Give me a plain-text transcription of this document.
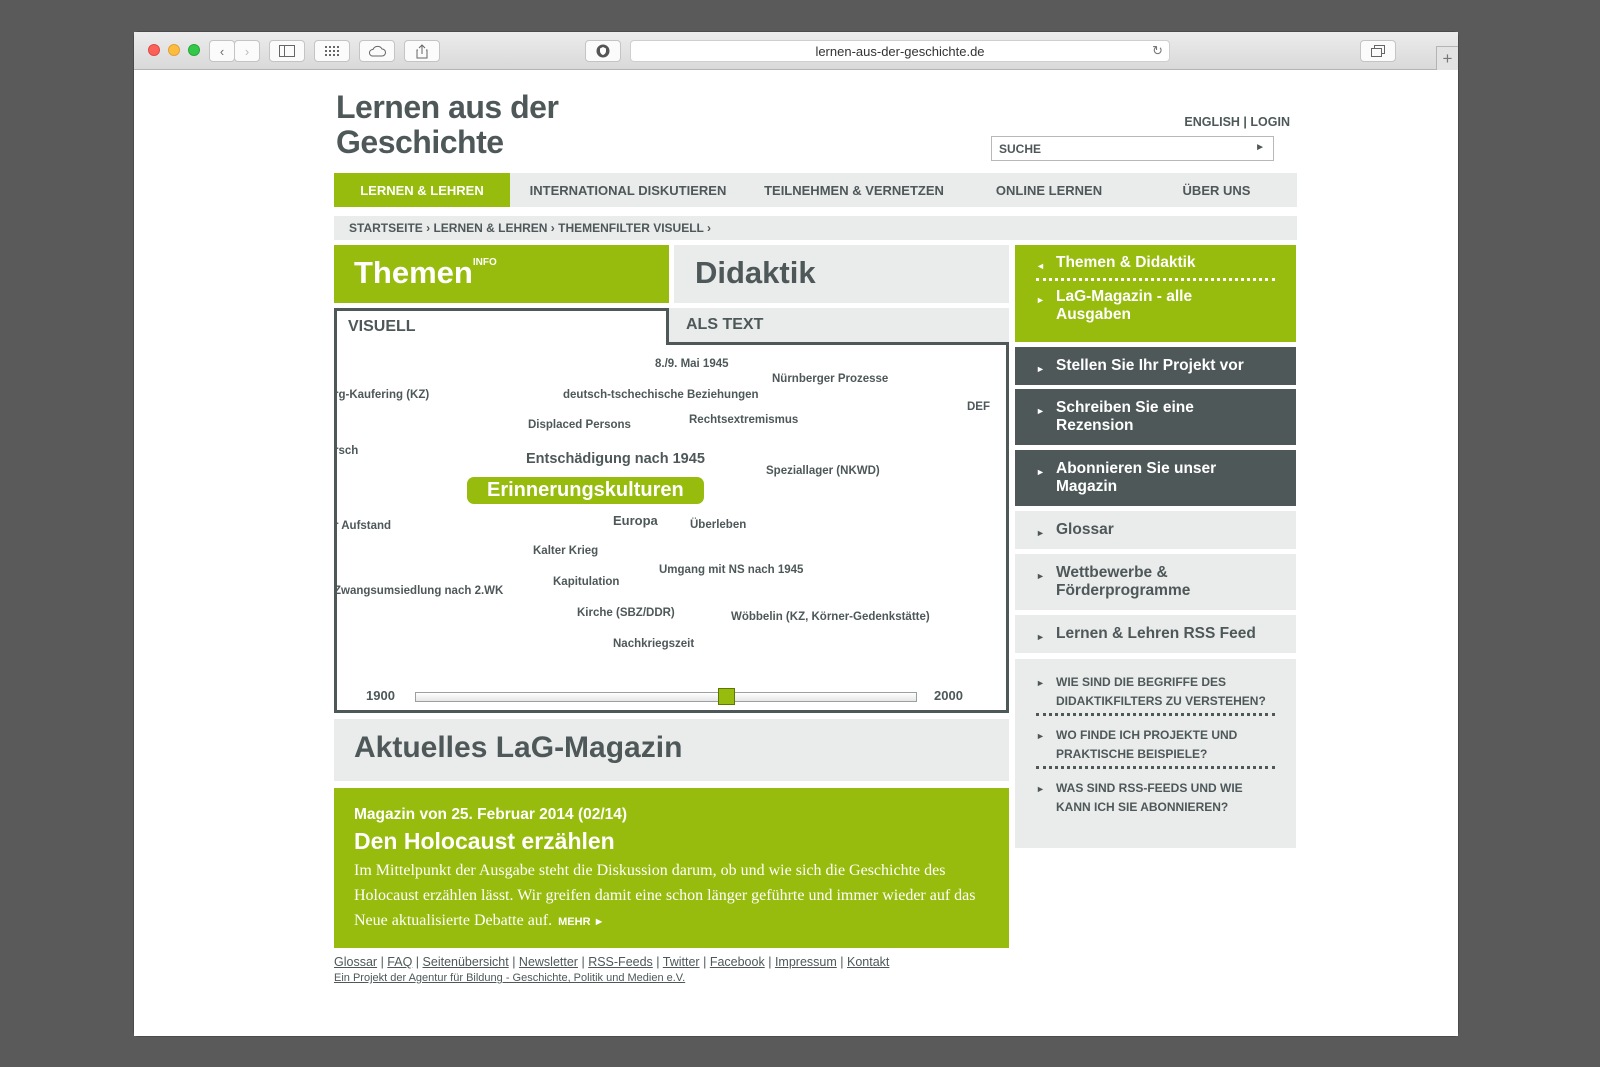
‹ ›	lernen-aus-der-geschichte.de	↻	+
Lernen aus der
Geschichte
ENGLISH | LOGIN
SUCHE	►
LERNEN & LEHREN	INTERNATIONAL DISKUTIEREN	TEILNEHMEN & VERNETZEN	ONLINE LERNEN	ÜBER UNS
STARTSEITE › LERNEN & LEHREN › THEMENFILTER VISUELL ›
Themen$^{INFO}$	Didaktik
ALS TEXT
VISUELL
8./9. Mai 1945
Nürnberger Prozesse
rg-Kaufering (KZ)	deutsch-tschechische Beziehungen
DEF
Displaced Persons	Rechtsextremismus
rsch	Entschädigung nach 1945
Speziallager (NKWD)
Erinnerungskulturen
r Aufstand	Europa	Überleben
Kalter Krieg
Umgang mit NS nach 1945
Kapitulation
Zwangsumsiedlung nach 2.WK
Kirche (SBZ/DDR)	Wöbbelin (KZ, Körner-Gedenkstätte)
Nachkriegszeit
1900	2000
Aktuelles LaG-Magazin
Magazin von 25. Februar 2014 (02/14)
Den Holocaust erzählen
Im Mittelpunkt der Ausgabe steht die Diskussion darum, ob und wie sich die Geschichte des Holocaust erzählen lässt. Wir greifen damit eine schon länger geführte und immer wieder auf das Neue aktualisierte Debatte auf. MEHR ►
Glossar | FAQ | Seitenübersicht | Newsletter | RSS-Feeds | Twitter | Facebook | Impressum | Kontakt
Ein Projekt der Agentur für Bildung - Geschichte, Politik und Medien e.V.
◄ Themen & Didaktik
► LaG-Magazin - alle Ausgaben
► Stellen Sie Ihr Projekt vor
► Schreiben Sie eine Rezension
► Abonnieren Sie unser Magazin
► Glossar
► Wettbewerbe & Förderprogramme
► Lernen & Lehren RSS Feed
► WIE SIND DIE BEGRIFFE DES DIDAKTIKFILTERS ZU VERSTEHEN?
► WO FINDE ICH PROJEKTE UND PRAKTISCHE BEISPIELE?
► WAS SIND RSS-FEEDS UND WIE KANN ICH SIE ABONNIEREN?
